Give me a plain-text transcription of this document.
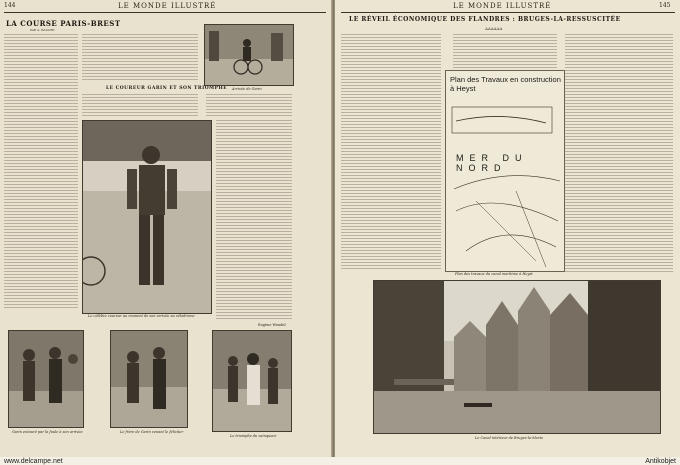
144	LE MONDE ILLUSTRÉ
LA COURSE PARIS-BREST
PAR A. BAUDRY
LE COUREUR GARIN ET SON TRIOMPHE Arrivée de Garin
Le célèbre coureur au moment de son arrivée au vélodrome
Eugène Wendel
Garin entouré par la foule à son arrivée	Le frère de Garin venant le féliciter
Le triomphe du vainqueur
LE MONDE ILLUSTRÉ	145
LE RÉVEIL ÉCONOMIQUE DES FLANDRES : BRUGES-LA-RESSUSCITÉE
AAAAAA
Plan des Travaux en construction à Heyst
MER DU NORD
Plan des travaux du canal maritime à Heyst
Le Canal intérieur de Bruges-la-Morte
www.delcampe.net	Antikobjet
